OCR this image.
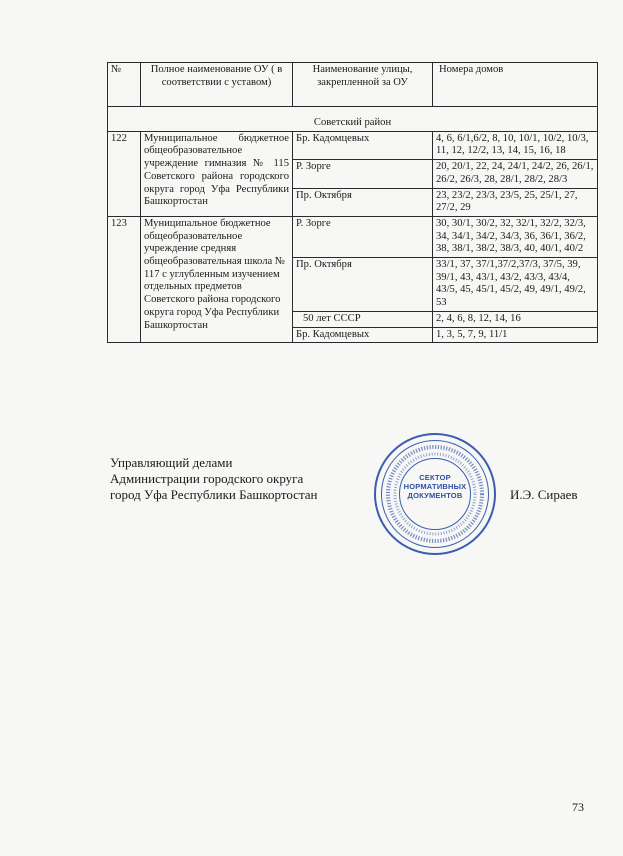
№	Полное наименование ОУ ( в соответствии с уставом)	Наименование улицы, закрепленной за ОУ	Номера домов

Советский район			
122	Муниципальное бюджетное общеобразовательное учреждение гимназия № 115 Советского района городского округа город Уфа Республики Башкортостан	Бр. Кадомцевых	4, 6, 6/1,6/2, 8, 10, 10/1, 10/2, 10/3, 11, 12, 12/2, 13, 14, 15, 16, 18
		Р. Зорге	20, 20/1, 22, 24, 24/1, 24/2, 26, 26/1, 26/2, 26/3, 28, 28/1, 28/2, 28/3
		Пр. Октября	23, 23/2, 23/3, 23/5, 25, 25/1, 27, 27/2, 29
123	Муниципальное бюджетное общеобразовательное учреждение средняя общеобразовательная школа № 117 с углубленным изучением отдельных предметов Советского района городского округа город Уфа Республики Башкортостан	Р. Зорге	30, 30/1, 30/2, 32, 32/1, 32/2, 32/3, 34, 34/1, 34/2, 34/3, 36, 36/1, 36/2, 38, 38/1, 38/2, 38/3, 40, 40/1, 40/2
		Пр. Октября	33/1, 37, 37/1,37/2,37/3, 37/5, 39, 39/1, 43, 43/1, 43/2, 43/3, 43/4, 43/5, 45, 45/1, 45/2, 49, 49/1, 49/2, 53
		50 лет СССР	2, 4, 6, 8, 12, 14, 16
		Бр. Кадомцевых	1, 3, 5, 7, 9, 11/1
Управляющий делами
Администрации городского округа
город Уфа Республики Башкортостан	И.Э. Сираев
СЕКТОР
НОРМАТИВНЫХ
ДОКУМЕНТОВ
73
